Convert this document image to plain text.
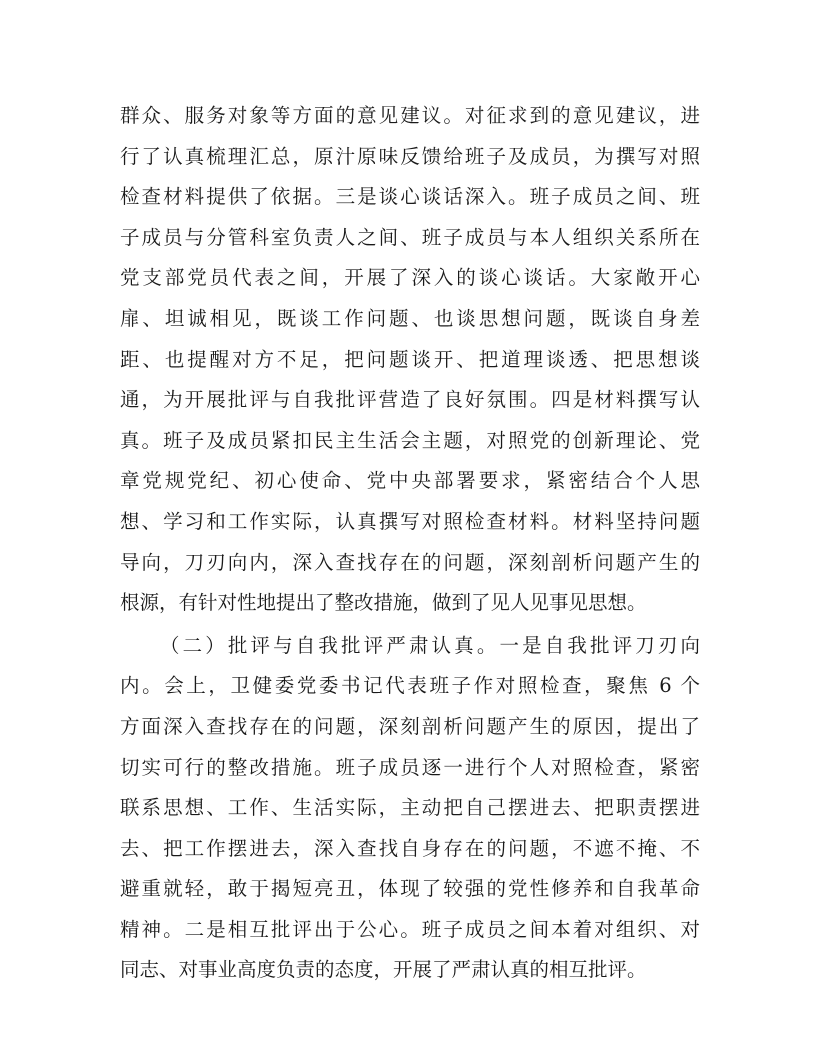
群众、服务对象等方面的意见建议。对征求到的意见建议，进
行了认真梳理汇总，原汁原味反馈给班子及成员，为撰写对照
检查材料提供了依据。三是谈心谈话深入。班子成员之间、班
子成员与分管科室负责人之间、班子成员与本人组织关系所在
党支部党员代表之间，开展了深入的谈心谈话。大家敞开心
扉、坦诚相见，既谈工作问题、也谈思想问题，既谈自身差
距、也提醒对方不足，把问题谈开、把道理谈透、把思想谈
通，为开展批评与自我批评营造了良好氛围。四是材料撰写认
真。班子及成员紧扣民主生活会主题，对照党的创新理论、党
章党规党纪、初心使命、党中央部署要求，紧密结合个人思
想、学习和工作实际，认真撰写对照检查材料。材料坚持问题
导向，刀刃向内，深入查找存在的问题，深刻剖析问题产生的
根源，有针对性地提出了整改措施，做到了见人见事见思想。
（二）批评与自我批评严肃认真。一是自我批评刀刃向
内。会上，卫健委党委书记代表班子作对照检查，聚焦 6 个
方面深入查找存在的问题，深刻剖析问题产生的原因，提出了
切实可行的整改措施。班子成员逐一进行个人对照检查，紧密
联系思想、工作、生活实际，主动把自己摆进去、把职责摆进
去、把工作摆进去，深入查找自身存在的问题，不遮不掩、不
避重就轻，敢于揭短亮丑，体现了较强的党性修养和自我革命
精神。二是相互批评出于公心。班子成员之间本着对组织、对
同志、对事业高度负责的态度，开展了严肃认真的相互批评。
